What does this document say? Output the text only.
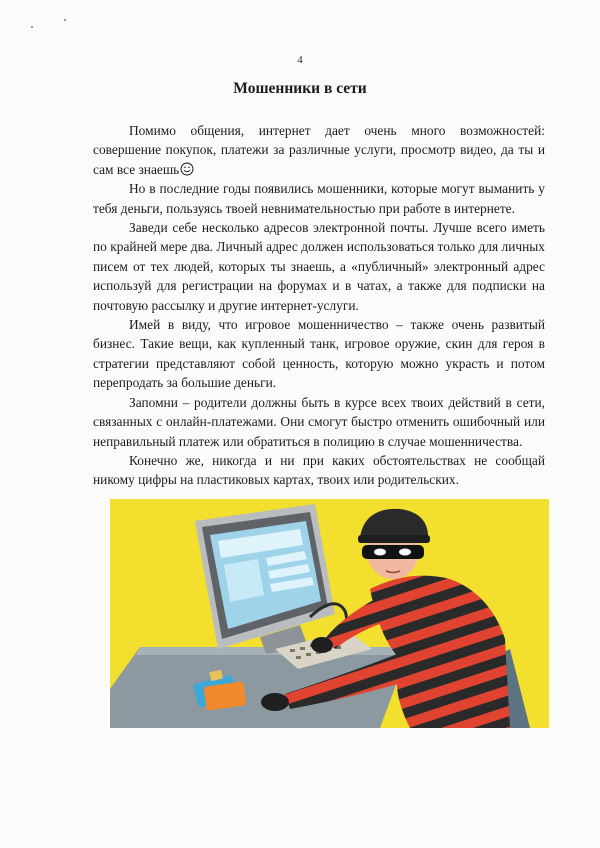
4
Мошенники в сети

Помимо общения, интернет дает очень много возможностей: совершение покупок, платежи за различные услуги, просмотр видео, да ты и сам все знаешь

Но в последние годы появились мошенники, которые могут выманить у тебя деньги, пользуясь твоей невнимательностью при работе в интернете.

Заведи себе несколько адресов электронной почты. Лучше всего иметь по крайней мере два. Личный адрес должен использоваться только для личных писем от тех людей, которых ты знаешь, а «публичный» электронный адрес используй для регистрации на форумах и в чатах, а также для подписки на почтовую рассылку и другие интернет-услуги.

Имей в виду, что игровое мошенничество – также очень развитый бизнес. Такие вещи, как купленный танк, игровое оружие, скин для героя в стратегии представляют собой ценность, которую можно украсть и потом перепродать за большие деньги.

Запомни – родители должны быть в курсе всех твоих действий в сети, связанных с онлайн-платежами. Они смогут быстро отменить ошибочный или неправильный платеж или обратиться в полицию в случае мошенничества.

Конечно же, никогда и ни при каких обстоятельствах не сообщай никому цифры на пластиковых картах, твоих или родительских.
